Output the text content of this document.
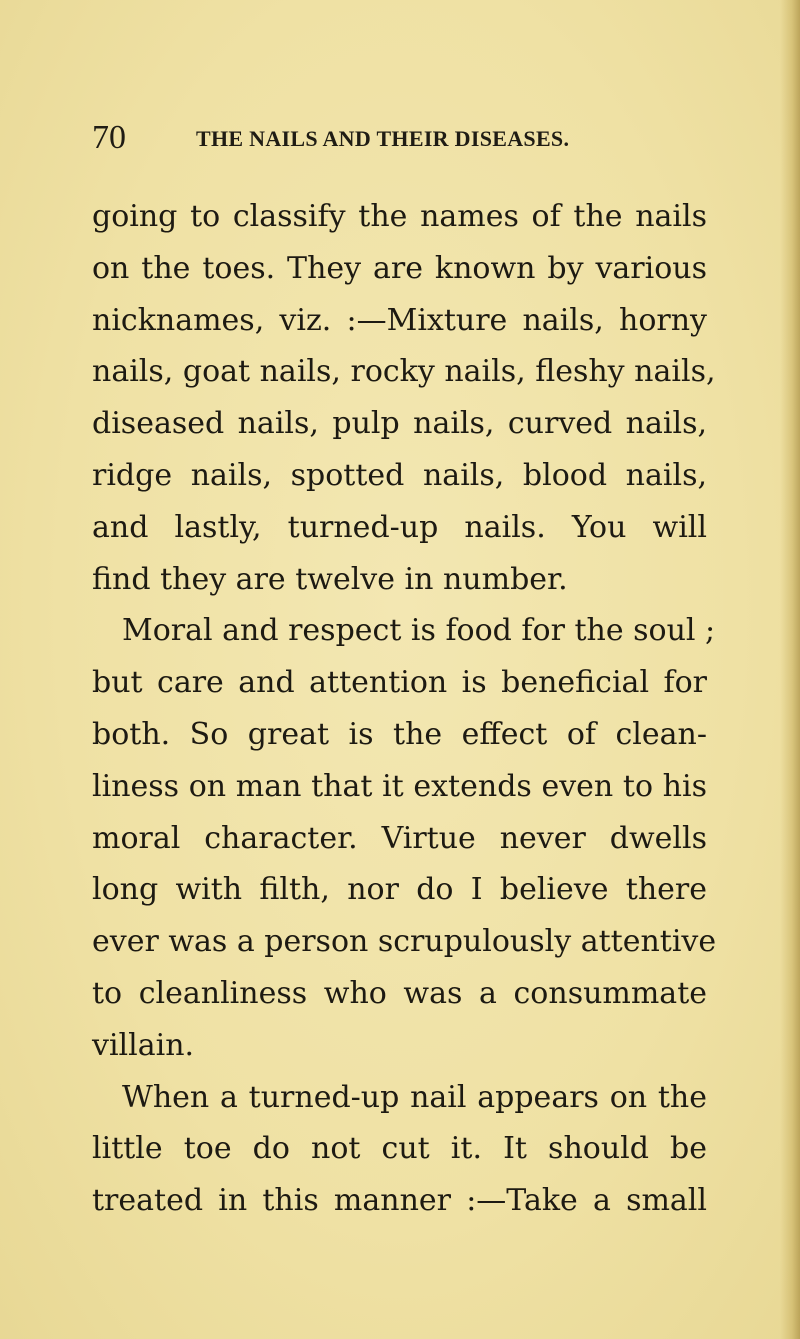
70	THE NAILS AND THEIR DISEASES.
going to classify the names of the nails
on the toes. They are known by various
nicknames, viz. :—Mixture nails, horny
nails, goat nails, rocky nails, fleshy nails,
diseased nails, pulp nails, curved nails,
ridge nails, spotted nails, blood nails,
and lastly, turned-up nails. You will
find they are twelve in number.
Moral and respect is food for the soul ;
but care and attention is beneficial for
both. So great is the effect of clean-
liness on man that it extends even to his
moral character. Virtue never dwells
long with filth, nor do I believe there
ever was a person scrupulously attentive
to cleanliness who was a consummate
villain.
When a turned-up nail appears on the
little toe do not cut it. It should be
treated in this manner :—Take a small
